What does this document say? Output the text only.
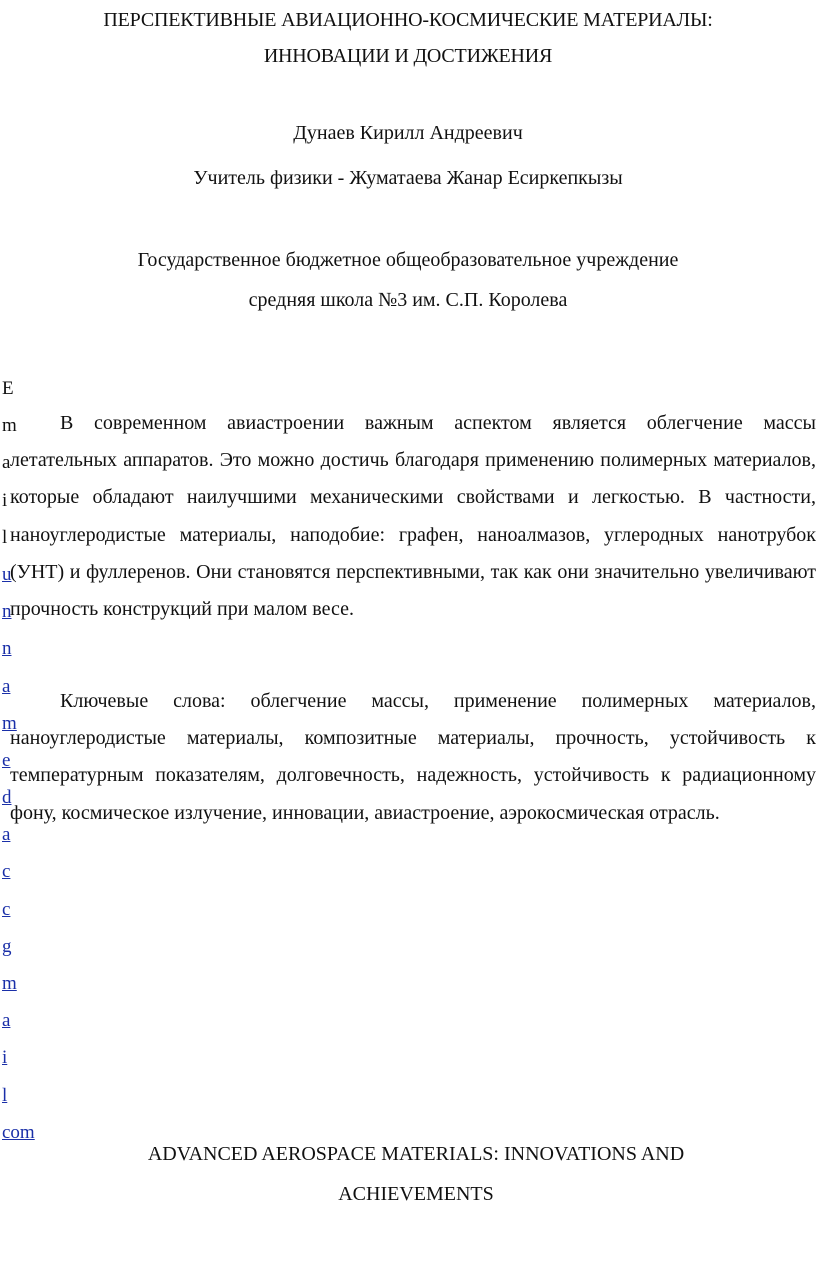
ПЕРСПЕКТИВНЫЕ АВИАЦИОННО-КОСМИЧЕСКИЕ МАТЕРИАЛЫ:
ИННОВАЦИИ И ДОСТИЖЕНИЯ
Дунаев Кирилл Андреевич
Учитель физики - Жуматаева Жанар Есиркепкызы
Государственное бюджетное общеобразовательное учреждение
средняя школа №3 им. С.П. Королева
E
m
a
i
l
u
n
n
a
m
e
d
a
c
c
g
m
a
i
l
com
В современном авиастроении важным аспектом является облегчение массы летательных аппаратов. Это можно достичь благодаря применению полимерных материалов, которые обладают наилучшими механическими свойствами и легкостью. В частности, наноуглеродистые материалы, наподобие: графен, наноалмазов, углеродных нанотрубок (УНТ) и фуллеренов. Они становятся перспективными, так как они значительно увеличивают прочность конструкций при малом весе.
Ключевые слова: облегчение массы, применение полимерных материалов, наноуглеродистые материалы, композитные материалы, прочность, устойчивость к температурным показателям, долговечность, надежность, устойчивость к радиационному фону, космическое излучение, инновации, авиастроение, аэрокосмическая отрасль.
ADVANCED AEROSPACE MATERIALS: INNOVATIONS AND
ACHIEVEMENTS
